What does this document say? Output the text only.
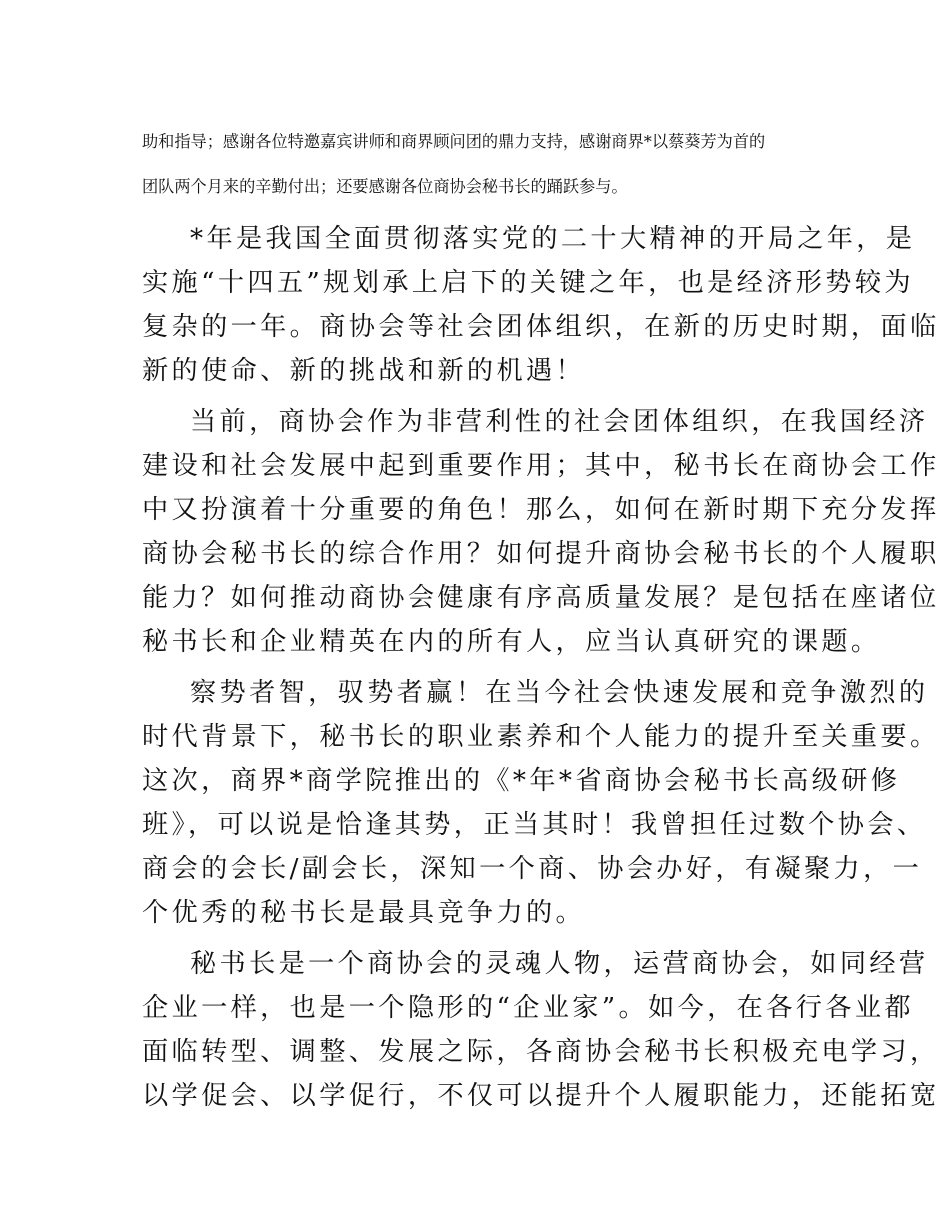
助和指导；感谢各位特邀嘉宾讲师和商界顾问团的鼎力支持，感谢商界*以蔡葵芳为首的
团队两个月来的辛勤付出；还要感谢各位商协会秘书长的踊跃参与。
*年是我国全面贯彻落实党的二十大精神的开局之年，是
实施“十四五”规划承上启下的关键之年，也是经济形势较为
复杂的一年。商协会等社会团体组织，在新的历史时期，面临
新的使命、新的挑战和新的机遇！
当前，商协会作为非营利性的社会团体组织，在我国经济
建设和社会发展中起到重要作用；其中，秘书长在商协会工作
中又扮演着十分重要的角色！那么，如何在新时期下充分发挥
商协会秘书长的综合作用？如何提升商协会秘书长的个人履职
能力？如何推动商协会健康有序高质量发展？是包括在座诸位
秘书长和企业精英在内的所有人，应当认真研究的课题。
察势者智，驭势者赢！在当今社会快速发展和竞争激烈的
时代背景下，秘书长的职业素养和个人能力的提升至关重要。
这次，商界*商学院推出的《*年*省商协会秘书长高级研修
班》，可以说是恰逢其势，正当其时！我曾担任过数个协会、
商会的会长/副会长，深知一个商、协会办好，有凝聚力，一
个优秀的秘书长是最具竞争力的。
秘书长是一个商协会的灵魂人物，运营商协会，如同经营
企业一样，也是一个隐形的“企业家”。如今，在各行各业都
面临转型、调整、发展之际，各商协会秘书长积极充电学习，
以学促会、以学促行，不仅可以提升个人履职能力，还能拓宽
